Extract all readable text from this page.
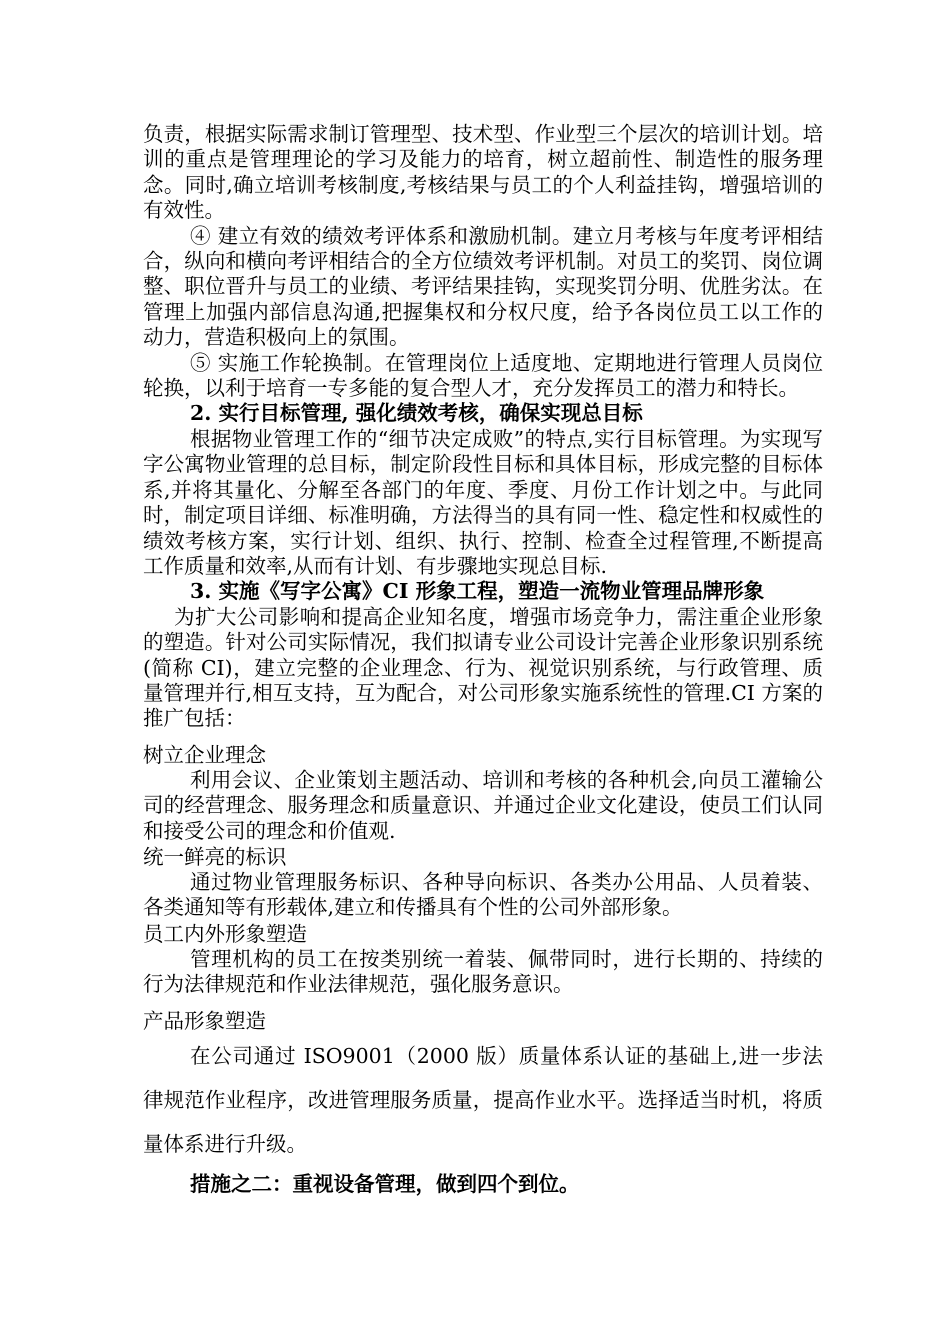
负责，根据实际需求制订管理型、技术型、作业型三个层次的培训计划。培训的重点是管理理论的学习及能力的培育，树立超前性、制造性的服务理念。同时,确立培训考核制度,考核结果与员工的个人利益挂钩，增强培训的有效性。

④ 建立有效的绩效考评体系和激励机制。建立月考核与年度考评相结合，纵向和横向考评相结合的全方位绩效考评机制。对员工的奖罚、岗位调整、职位晋升与员工的业绩、考评结果挂钩，实现奖罚分明、优胜劣汰。在管理上加强内部信息沟通,把握集权和分权尺度，给予各岗位员工以工作的动力，营造积极向上的氛围。

⑤ 实施工作轮换制。在管理岗位上适度地、定期地进行管理人员岗位轮换，以利于培育一专多能的复合型人才，充分发挥员工的潜力和特长。

2. 实行目标管理, 强化绩效考核，确保实现总目标

根据物业管理工作的“细节决定成败”的特点,实行目标管理。为实现写字公寓物业管理的总目标，制定阶段性目标和具体目标，形成完整的目标体系,并将其量化、分解至各部门的年度、季度、月份工作计划之中。与此同时，制定项目详细、标准明确，方法得当的具有同一性、稳定性和权威性的绩效考核方案，实行计划、组织、执行、控制、检查全过程管理,不断提高工作质量和效率,从而有计划、有步骤地实现总目标.

3. 实施《写字公寓》CI 形象工程，塑造一流物业管理品牌形象

为扩大公司影响和提高企业知名度，增强市场竞争力，需注重企业形象的塑造。针对公司实际情况，我们拟请专业公司设计完善企业形象识别系统(简称 CI)，建立完整的企业理念、行为、视觉识别系统，与行政管理、质量管理并行,相互支持，互为配合，对公司形象实施系统性的管理.CI 方案的推广包括：

树立企业理念

利用会议、企业策划主题活动、培训和考核的各种机会,向员工灌输公司的经营理念、服务理念和质量意识、并通过企业文化建设，使员工们认同和接受公司的理念和价值观.

统一鲜亮的标识

通过物业管理服务标识、各种导向标识、各类办公用品、人员着装、各类通知等有形载体,建立和传播具有个性的公司外部形象。

员工内外形象塑造

管理机构的员工在按类别统一着装、佩带同时，进行长期的、持续的行为法律规范和作业法律规范，强化服务意识。

产品形象塑造

在公司通过 ISO9001（2000 版）质量体系认证的基础上,进一步法律规范作业程序，改进管理服务质量，提高作业水平。选择适当时机，将质量体系进行升级。

措施之二：重视设备管理，做到四个到位。
